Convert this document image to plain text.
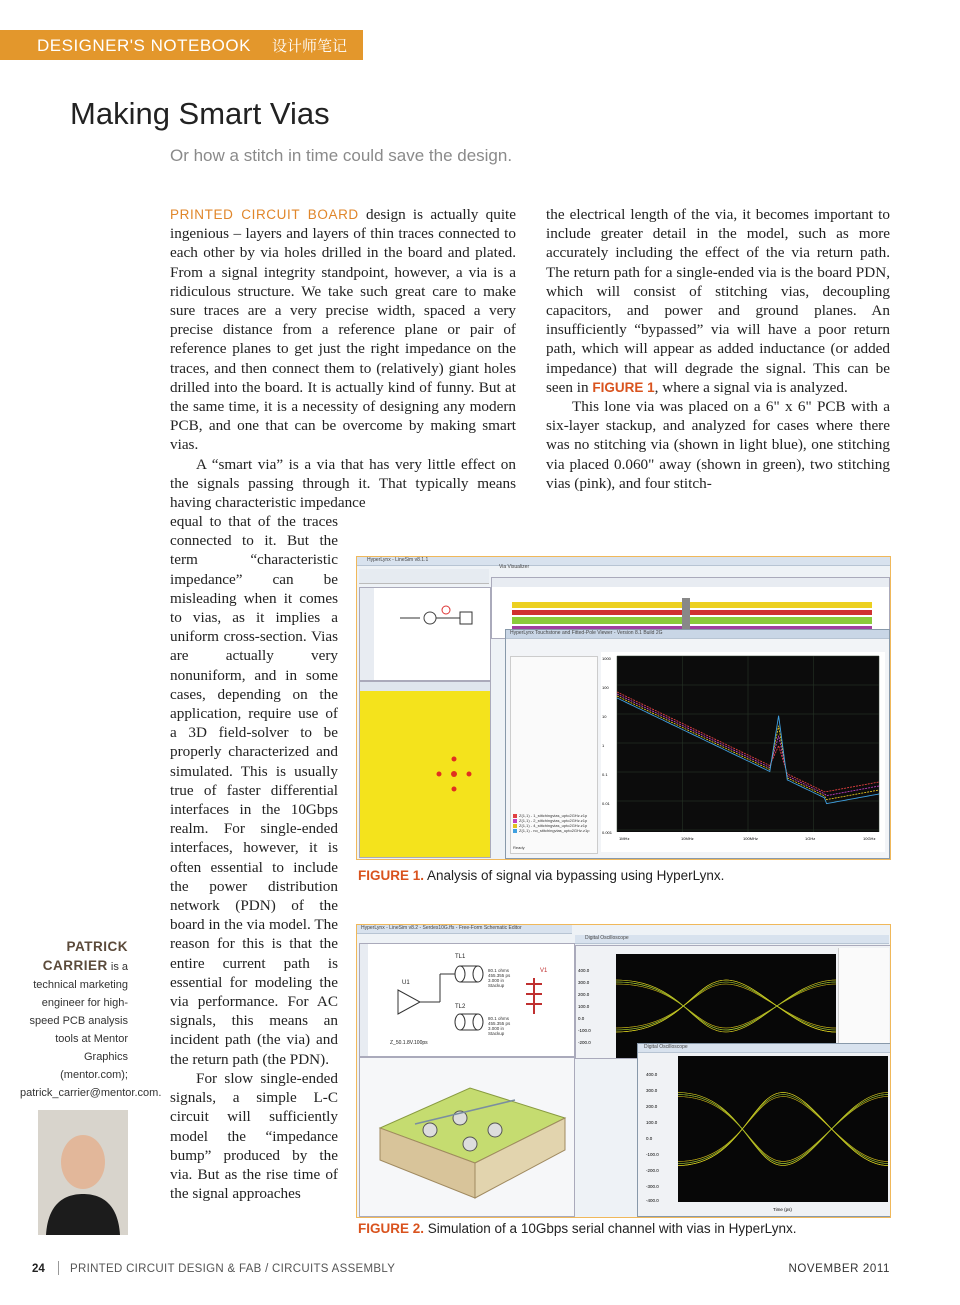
DESIGNER'S NOTEBOOK 设计师笔记
Making Smart Vias
Or how a stitch in time could save the design.

PRINTED CIRCUIT BOARD design is actually quite ingenious – layers and layers of thin traces connected to each other by via holes drilled in the board and plated. From a signal integrity standpoint, however, a via is a ridiculous structure. We take such great care to make sure traces are a very precise width, spaced a very precise distance from a reference plane or pair of reference planes to get just the right impedance on the traces, and then connect them to (relatively) giant holes drilled into the board. It is actually kind of funny. But at the same time, it is a necessity of designing any modern PCB, and one that can be overcome by making smart vias.

A “smart via” is a via that has very little effect on the signals passing through it. That typically means having characteristic impedance

equal to that of the traces connected to it. But the term “characteristic impedance” can be misleading when it comes to vias, as it implies a uniform cross-section. Vias are actually very nonuniform, and in some cases, depending on the application, require use of a 3D field-solver to be properly characterized and simulated. This is usually true of faster differential interfaces in the 10Gbps realm. For single-ended interfaces, however, it is often essential to include the power distribution network (PDN) of the board in the via model. The reason for this is that the entire current path is essential for modeling the via performance. For AC signals, this means an incident path (the via) and the return path (the PDN).

For slow single-ended signals, a simple L-C circuit will sufficiently model the “impedance bump” produced by the via. But as the rise time of the signal approaches

the electrical length of the via, it becomes important to include greater detail in the model, such as more accurately including the effect of the via return path. The return path for a single-ended via is the board PDN, which will consist of stitching vias, decoupling capacitors, and power and ground planes. An insufficiently “bypassed” via will have a poor return path, which will appear as added inductance (or added impedance) that will degrade the signal. This can be seen in FIGURE 1, where a signal via is analyzed.

This lone via was placed on a 6" x 6" PCB with a six-layer stackup, and analyzed for cases where there was no stitching via (shown in light blue), one stitching via placed 0.060" away (shown in green), two stitching vias (pink), and four stitch-

HyperLynx - LineSim v8.1.1
Via Visualizer
HyperLynx Touchstone and Fitted-Pole Viewer - Version 8.1 Build 2G
Z(1,1) - 1_stitchingvias_upto2GHz.z1p
Z(1,1) - 2_stitchingvias_upto2GHz.z1p
Z(1,1) - 4_stitchingvias_upto2GHz.z1p
Z(1,1) - no_stitchingvias_upto2GHz.z1p
Ready
1000
100
10
1
0.1
0.01
0.001
1MHz	10MHz	100MHz	1GHz	10GHz
FIGURE 1. Analysis of signal via bypassing using HyperLynx.
HyperLynx - LineSim v8.2 - Serdes10G.ffs - Free-Form Schematic Editor
Digital Oscilloscope
U1
Z_50.1.8V.100ps
TL1
TL2
V1
80.1 ohms
455.355 ps
3.000 in
Stackup
80.1 ohms
455.355 ps
3.000 in
Stackup
400.0
300.0
200.0
100.0
0.0
-100.0
-200.0
Digital Oscilloscope
400.0
300.0
200.0
100.0
0.0
-100.0
-200.0
-300.0
-400.0
Time (ps)
FIGURE 2. Simulation of a 10Gbps serial channel with vias in HyperLynx.
PATRICK
CARRIER is a technical marketing engineer for high-speed PCB analysis tools at Mentor Graphics (mentor.com); patrick_carrier@mentor.com.
24 PRINTED CIRCUIT DESIGN & FAB / CIRCUITS ASSEMBLY	NOVEMBER 2011
